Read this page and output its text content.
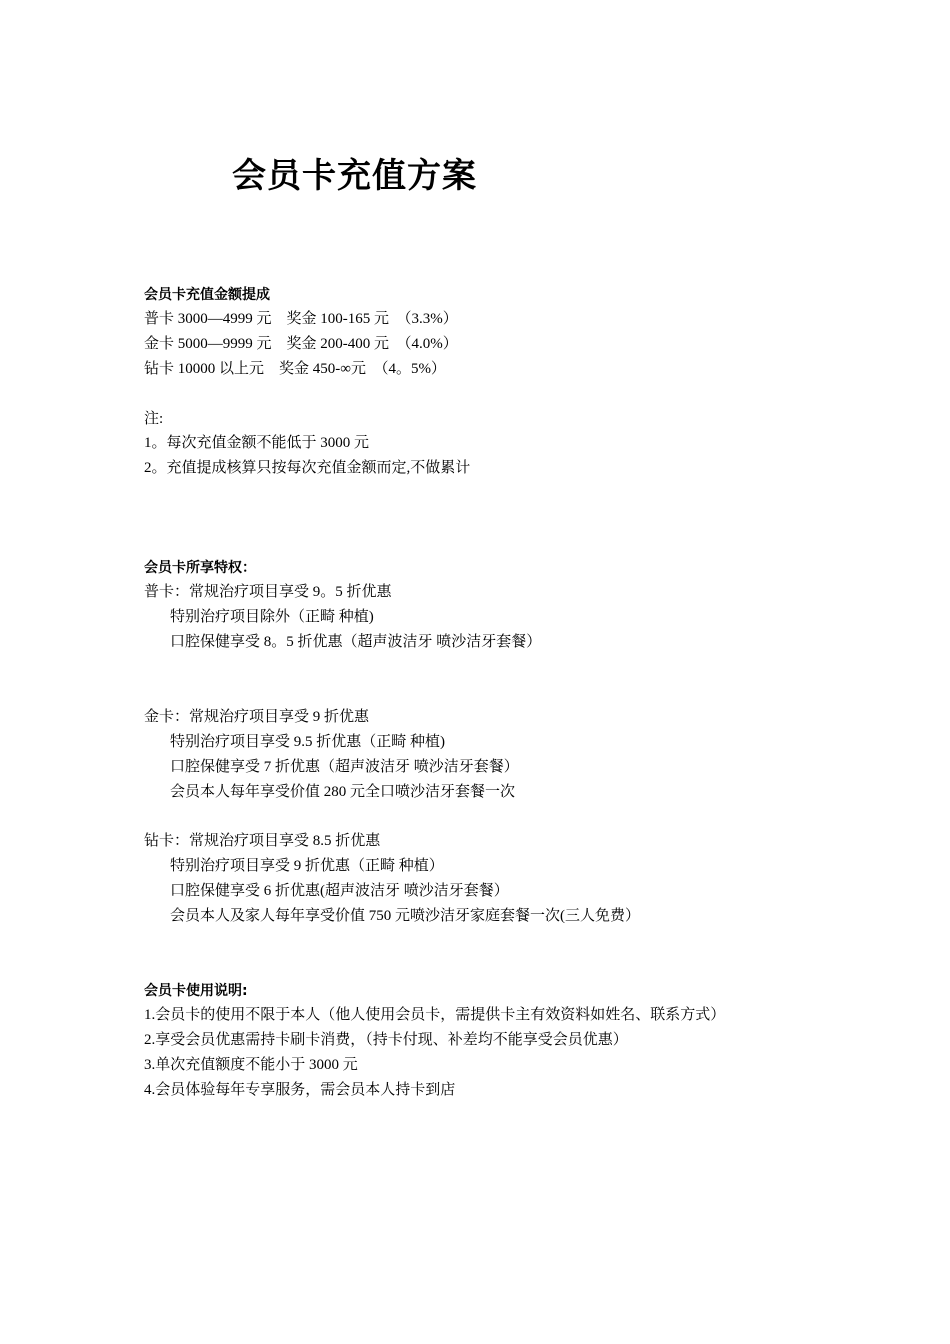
会员卡充值方案
会员卡充值金额提成
普卡 3000—4999 元　奖金 100-165 元　（3.3%）
金卡 5000—9999 元　奖金 200-400 元　（4.0%）
钻卡 10000 以上元　奖金 450-∞元　（4。5%）
注:
1。每次充值金额不能低于 3000 元
2。充值提成核算只按每次充值金额而定,不做累计
会员卡所享特权：
普卡：常规治疗项目享受 9。5 折优惠
特别治疗项目除外（正畸 种植)
口腔保健享受 8。5 折优惠（超声波洁牙 喷沙洁牙套餐）
金卡：常规治疗项目享受 9 折优惠
特别治疗项目享受 9.5 折优惠（正畸 种植)
口腔保健享受 7 折优惠（超声波洁牙 喷沙洁牙套餐）
会员本人每年享受价值 280 元全口喷沙洁牙套餐一次
钻卡：常规治疗项目享受 8.5 折优惠
特别治疗项目享受 9 折优惠（正畸 种植）
口腔保健享受 6 折优惠(超声波洁牙 喷沙洁牙套餐）
会员本人及家人每年享受价值 750 元喷沙洁牙家庭套餐一次(三人免费）
会员卡使用说明:
1.会员卡的使用不限于本人（他人使用会员卡，需提供卡主有效资料如姓名、联系方式）
2.享受会员优惠需持卡刷卡消费，（持卡付现、补差均不能享受会员优惠）
3.单次充值额度不能小于 3000 元
4.会员体验每年专享服务，需会员本人持卡到店
